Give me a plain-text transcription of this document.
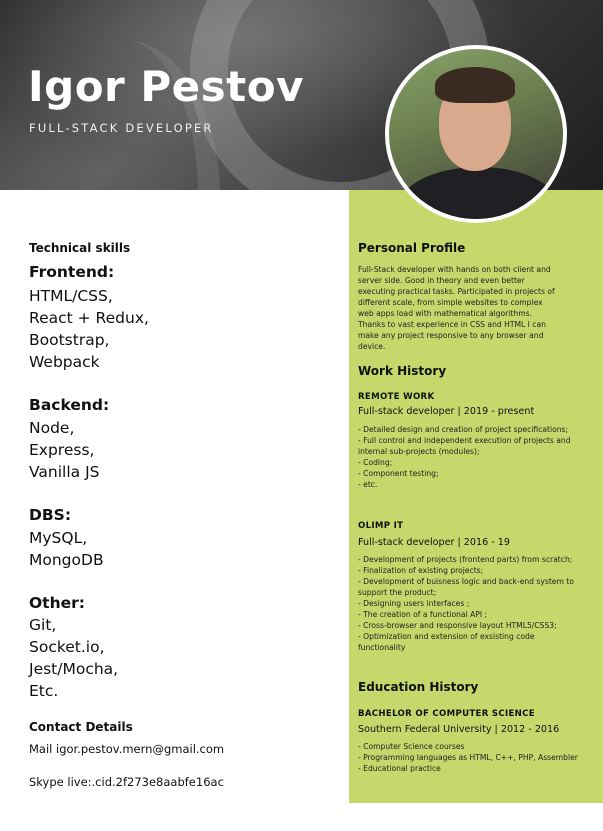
Igor Pestov
FULL-STACK DEVELOPER
Technical skills
Frontend:
HTML/CSS,
React + Redux,
Bootstrap,
Webpack
Backend:
Node,
Express,
Vanilla JS
DBS:
MySQL,
MongoDB
Other:
Git,
Socket.io,
Jest/Mocha,
Etc.
Contact Details
Mail igor.pestov.mern@gmail.com
Skype live:.cid.2f273e8aabfe16ac
Personal Profile
Full-Stack developer with hands on both client and
server side. Good in theory and even better
executing practical tasks. Participated in projects of
different scale, from simple websites to complex
web apps load with mathematical algorithms.
Thanks to vast experience in CSS and HTML I can
make any project responsive to any browser and
device.
Work History
REMOTE WORK
Full-stack developer | 2019 - present
- Detailed design and creation of project specifications;
- Full control and independent execution of projects and
internal sub-projects (modules);
- Coding;
- Component testing;
- etc.
OLIMP IT
Full-stack developer | 2016 - 19
- Development of projects (frontend parts) from scratch;
- Finalization of existing projects;
- Development of buisness logic and back-end system to
support the product;
- Designing users interfaces ;
- The creation of a functional API ;
- Cross-browser and responsive layout HTML5/CSS3;
- Optimization and extension of exsisting code
functionality
Education History
BACHELOR OF COMPUTER SCIENCE
Southern Federal University | 2012 - 2016
- Computer Science courses
- Programming languages as HTML, C++, PHP, Assembler
- Educational practice
